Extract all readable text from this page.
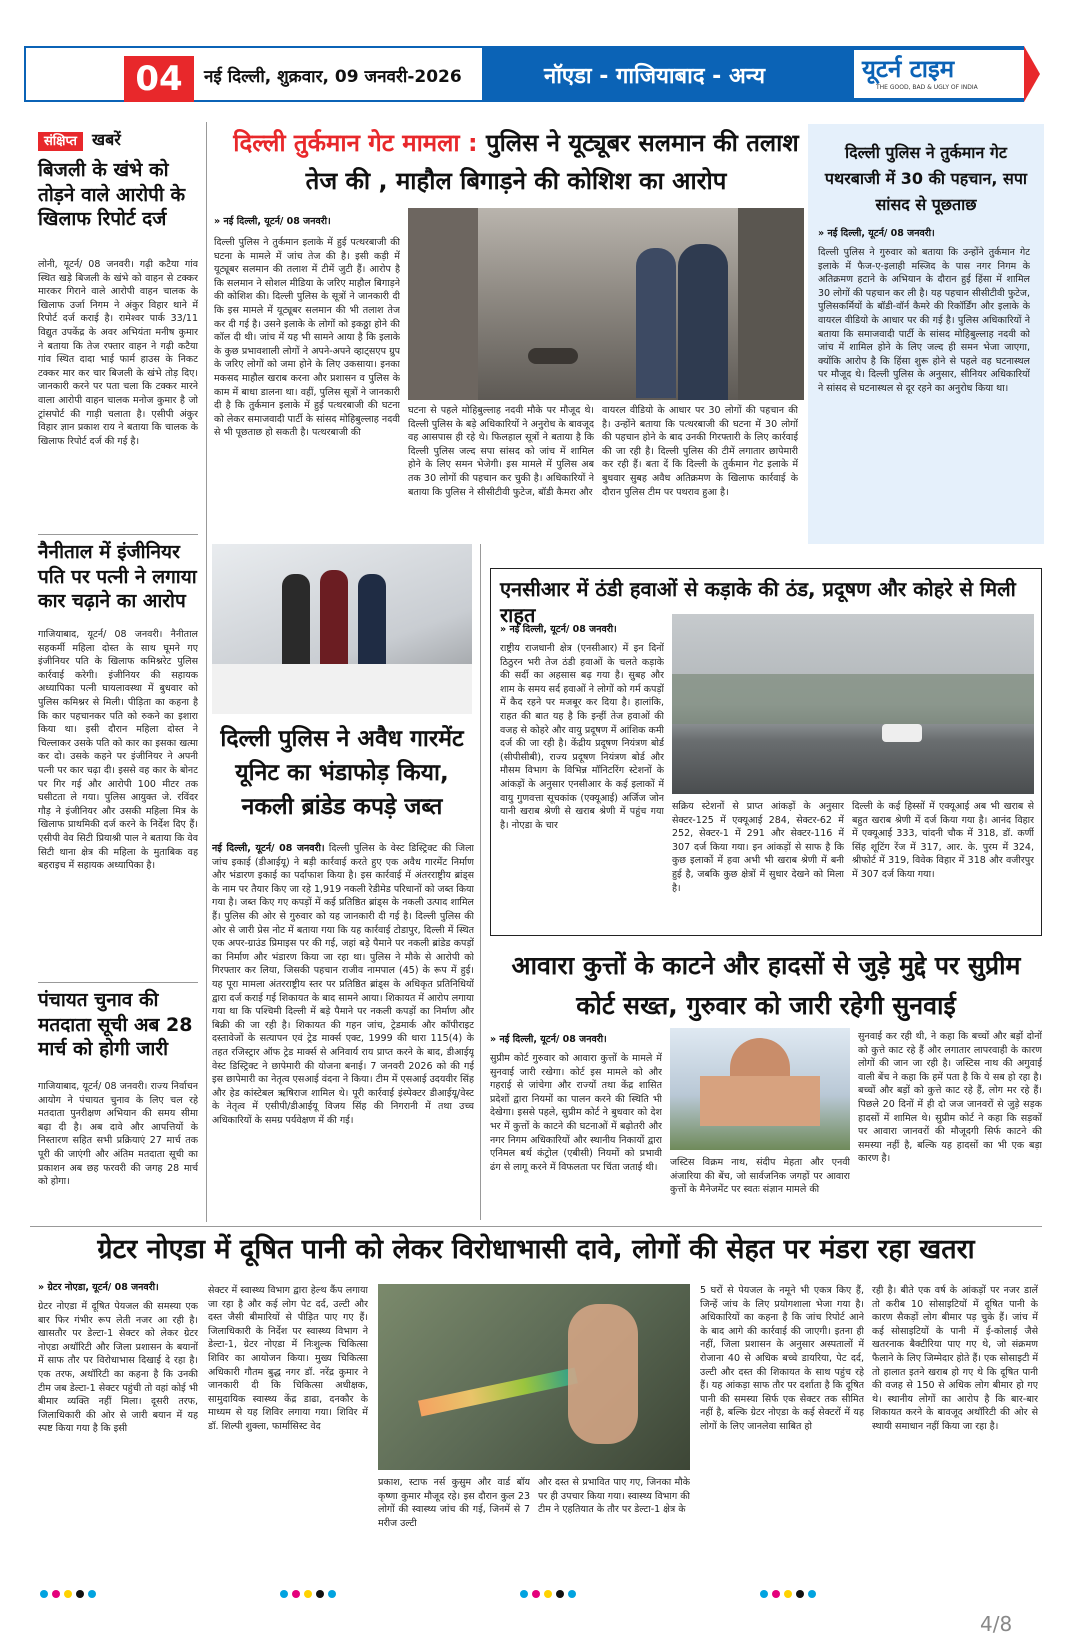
04	नई दिल्ली, शुक्रवार, 09 जनवरी-2026	नॉएडा - गाजियाबाद - अन्य	यूटर्न टाइम
THE GOOD, BAD & UGLY OF INDIA
संक्षिप्त खबरें
बिजली के खंभे को तोड़ने वाले आरोपी के खिलाफ रिपोर्ट दर्ज
लोनी, यूटर्न/ 08 जनवरी। गढ़ी कटैया गांव स्थित खड़े बिजली के खंभे को वाहन से टक्कर मारकर गिराने वाले आरोपी वाहन चालक के खिलाफ उर्जा निगम ने अंकुर विहार थाने में रिपोर्ट दर्ज कराई है। रामेश्वर पार्क 33/11 विद्युत उपकेंद्र के अवर अभियंता मनीष कुमार ने बताया कि तेज रफ्तार वाहन ने गढ़ी कटैया गांव स्थित दादा भाई फार्म हाउस के निकट टक्कर मार कर चार बिजली के खंभे तोड़ दिए। जानकारी करने पर पता चला कि टक्कर मारने वाला आरोपी वाहन चालक मनोज कुमार है जो ट्रांसपोर्ट की गाड़ी चलाता है। एसीपी अंकुर विहार ज्ञान प्रकाश राय ने बताया कि चालक के खिलाफ रिपोर्ट दर्ज की गई है।
नैनीताल में इंजीनियर पति पर पत्नी ने लगाया कार चढ़ाने का आरोप
गाजियाबाद, यूटर्न/ 08 जनवरी। नैनीताल सहकर्मी महिला दोस्त के साथ घूमने गए इंजीनियर पति के खिलाफ कमिश्नरेट पुलिस कार्रवाई करेगी। इंजीनियर की सहायक अध्यापिका पत्नी घायलावस्था में बुधवार को पुलिस कमिश्नर से मिली। पीड़िता का कहना है कि कार पहचानकर पति को रुकने का इशारा किया था। इसी दौरान महिला दोस्त ने चिल्लाकर उसके पति को कार का इसका खत्मा कर दो। उसके कहने पर इंजीनियर ने अपनी पत्नी पर कार चढ़ा दी। इससे वह कार के बोनट पर गिर गई और आरोपी 100 मीटर तक घसीटता ले गया। पुलिस आयुक्त जे. रविंदर गौड़ ने इंजीनियर और उसकी महिला मित्र के खिलाफ प्राथमिकी दर्ज करने के निर्देश दिए हैं। एसीपी वेव सिटी प्रियाश्री पाल ने बताया कि वेव सिटी थाना क्षेत्र की महिला के मुताबिक वह बहराइच में सहायक अध्यापिका है।
पंचायत चुनाव की मतदाता सूची अब 28 मार्च को होगी जारी
गाजियाबाद, यूटर्न/ 08 जनवरी। राज्य निर्वाचन आयोग ने पंचायत चुनाव के लिए चल रहे मतदाता पुनरीक्षण अभियान की समय सीमा बढ़ा दी है। अब दावे और आपत्तियों के निस्तारण सहित सभी प्रक्रियाएं 27 मार्च तक पूरी की जाएंगी और अंतिम मतदाता सूची का प्रकाशन अब छह फरवरी की जगह 28 मार्च को होगा।
दिल्ली तुर्कमान गेट मामला : पुलिस ने यूट्यूबर सलमान की तलाश तेज की , माहौल बिगाड़ने की कोशिश का आरोप
» नई दिल्ली, यूटर्न/ 08 जनवरी।
दिल्ली पुलिस ने तुर्कमान इलाके में हुई पत्थरबाजी की घटना के मामले में जांच तेज की है। इसी कड़ी में यूट्यूबर सलमान की तलाश में टीमें जुटी हैं। आरोप है कि सलमान ने सोशल मीडिया के जरिए माहौल बिगाड़ने की कोशिश की। दिल्ली पुलिस के सूत्रों ने जानकारी दी कि इस मामले में यूट्यूबर सलमान की भी तलाश तेज कर दी गई है। उसने इलाके के लोगों को इकठ्ठा होने की कॉल दी थी। जांच में यह भी सामने आया है कि इलाके के कुछ प्रभावशाली लोगों ने अपने-अपने व्हाट्सएप ग्रुप के जरिए लोगों को जमा होने के लिए उकसाया। इनका मकसद माहौल खराब करना और प्रशासन व पुलिस के काम में बाधा डालना था। वहीं, पुलिस सूत्रों ने जानकारी दी है कि तुर्कमान इलाके में हुई पत्थरबाजी की घटना को लेकर समाजवादी पार्टी के सांसद मोहिबुल्लाह नदवी से भी पूछताछ हो सकती है। पत्थरबाजी की
घटना से पहले मोहिबुल्लाह नदवी मौके पर मौजूद थे। दिल्ली पुलिस के बड़े अधिकारियों ने अनुरोध के बावजूद वह आसपास ही रहे थे। फिलहाल सूत्रों ने बताया है कि दिल्ली पुलिस जल्द सपा सांसद को जांच में शामिल होने के लिए समन भेजेगी। इस मामले में पुलिस अब तक 30 लोगों की पहचान कर चुकी है। अधिकारियों ने बताया कि पुलिस ने सीसीटीवी फुटेज, बॉडी कैमरा और
वायरल वीडियो के आधार पर 30 लोगों की पहचान की है। उन्होंने बताया कि पत्थरबाजी की घटना में 30 लोगों की पहचान होने के बाद उनकी गिरफ्तारी के लिए कार्रवाई की जा रही है। दिल्ली पुलिस की टीमें लगातार छापेमारी कर रही हैं। बता दें कि दिल्ली के तुर्कमान गेट इलाके में बुधवार सुबह अवैध अतिक्रमण के खिलाफ कार्रवाई के दौरान पुलिस टीम पर पथराव हुआ है।
दिल्ली पुलिस ने तुर्कमान गेट पथरबाजी में 30 की पहचान, सपा सांसद से पूछताछ
» नई दिल्ली, यूटर्न/ 08 जनवरी।
दिल्ली पुलिस ने गुरुवार को बताया कि उन्होंने तुर्कमान गेट इलाके में फैज-ए-इलाही मस्जिद के पास नगर निगम के अतिक्रमण हटाने के अभियान के दौरान हुई हिंसा में शामिल 30 लोगों की पहचान कर ली है। यह पहचान सीसीटीवी फुटेज, पुलिसकर्मियों के बॉडी-वॉर्न कैमरे की रिकॉर्डिंग और इलाके के वायरल वीडियो के आधार पर की गई है। पुलिस अधिकारियों ने बताया कि समाजवादी पार्टी के सांसद मोहिबुल्लाह नदवी को जांच में शामिल होने के लिए जल्द ही समन भेजा जाएगा, क्योंकि आरोप है कि हिंसा शुरू होने से पहले वह घटनास्थल पर मौजूद थे। दिल्ली पुलिस के अनुसार, सीनियर अधिकारियों ने सांसद से घटनास्थल से दूर रहने का अनुरोध किया था।
दिल्ली पुलिस ने अवैध गारमेंट यूनिट का भंडाफोड़ किया, नकली ब्रांडेड कपड़े जब्त
नई दिल्ली, यूटर्न/ 08 जनवरी। दिल्ली पुलिस के वेस्ट डिस्ट्रिक्ट की जिला जांच इकाई (डीआईयू) ने बड़ी कार्रवाई करते हुए एक अवैध गारमेंट निर्माण और भंडारण इकाई का पर्दाफाश किया है। इस कार्रवाई में अंतरराष्ट्रीय ब्रांड्स के नाम पर तैयार किए जा रहे 1,919 नकली रेडीमेड परिधानों को जब्त किया गया है। जब्त किए गए कपड़ों में कई प्रतिष्ठित ब्रांड्स के नकली उत्पाद शामिल हैं। पुलिस की ओर से गुरुवार को यह जानकारी दी गई है। दिल्ली पुलिस की ओर से जारी प्रेस नोट में बताया गया कि यह कार्रवाई टोडापुर, दिल्ली में स्थित एक अपर-ग्राउंड प्रिमाइस पर की गई, जहां बड़े पैमाने पर नकली ब्रांडेड कपड़ों का निर्माण और भंडारण किया जा रहा था। पुलिस ने मौके से आरोपी को गिरफ्तार कर लिया, जिसकी पहचान राजीव नामपाल (45) के रूप में हुई। यह पूरा मामला अंतरराष्ट्रीय स्तर पर प्रतिष्ठित ब्रांड्स के अधिकृत प्रतिनिधियों द्वारा दर्ज कराई गई शिकायत के बाद सामने आया। शिकायत में आरोप लगाया गया था कि पश्चिमी दिल्ली में बड़े पैमाने पर नकली कपड़ों का निर्माण और बिक्री की जा रही है। शिकायत की गहन जांच, ट्रेडमार्क और कॉपीराइट दस्तावेजों के सत्यापन एवं ट्रेड मार्क्स एक्ट, 1999 की धारा 115(4) के तहत रजिस्ट्रार ऑफ ट्रेड मार्क्स से अनिवार्य राय प्राप्त करने के बाद, डीआईयू वेस्ट डिस्ट्रिक्ट ने छापेमारी की योजना बनाई। 7 जनवरी 2026 को की गई इस छापेमारी का नेतृत्व एसआई वंदना ने किया। टीम में एसआई उदयवीर सिंह और हेड कांस्टेबल ऋषिराज शामिल थे। पूरी कार्रवाई इंस्पेक्टर डीआईयू/वेस्ट के नेतृत्व में एसीपी/डीआईयू विजय सिंह की निगरानी में तथा उच्च अधिकारियों के समग्र पर्यवेक्षण में की गई।
एनसीआर में ठंडी हवाओं से कड़ाके की ठंड, प्रदूषण और कोहरे से मिली राहत
» नई दिल्ली, यूटर्न/ 08 जनवरी।
राष्ट्रीय राजधानी क्षेत्र (एनसीआर) में इन दिनों ठिठुरन भरी तेज ठंडी हवाओं के चलते कड़ाके की सर्दी का अहसास बढ़ गया है। सुबह और शाम के समय सर्द हवाओं ने लोगों को गर्म कपड़ों में कैद रहने पर मजबूर कर दिया है। हालांकि, राहत की बात यह है कि इन्हीं तेज हवाओं की वजह से कोहरे और वायु प्रदूषण में आंशिक कमी दर्ज की जा रही है। केंद्रीय प्रदूषण नियंत्रण बोर्ड (सीपीसीबी), राज्य प्रदूषण नियंत्रण बोर्ड और मौसम विभाग के विभिन्न मॉनिटरिंग स्टेशनों के आंकड़ों के अनुसार एनसीआर के कई इलाकों में वायु गुणवत्ता सूचकांक (एक्यूआई) अर्जिज जोन यानी खराब श्रेणी से खराब श्रेणी में पहुंच गया है। नोएडा के चार
सक्रिय स्टेशनों से प्राप्त आंकड़ों के अनुसार सेक्टर-125 में एक्यूआई 284, सेक्टर-62 में 252, सेक्टर-1 में 291 और सेक्टर-116 में 307 दर्ज किया गया। इन आंकड़ों से साफ है कि कुछ इलाकों में हवा अभी भी खराब श्रेणी में बनी हुई है, जबकि कुछ क्षेत्रों में सुधार देखने को मिला है।
दिल्ली के कई हिस्सों में एक्यूआई अब भी खराब से बहुत खराब श्रेणी में दर्ज किया गया है। आनंद विहार में एक्यूआई 333, चांदनी चौक में 318, डॉ. कर्णी सिंह शूटिंग रेंज में 317, आर. के. पुरम में 324, श्रीफोर्ट में 319, विवेक विहार में 318 और वजीरपुर में 307 दर्ज किया गया।
आवारा कुत्तों के काटने और हादसों से जुड़े मुद्दे पर सुप्रीम कोर्ट सख्त, गुरुवार को जारी रहेगी सुनवाई
» नई दिल्ली, यूटर्न/ 08 जनवरी।
सुप्रीम कोर्ट गुरुवार को आवारा कुत्तों के मामले में सुनवाई जारी रखेगा। कोर्ट इस मामले को और गहराई से जांचेगा और राज्यों तथा केंद्र शासित प्रदेशों द्वारा नियमों का पालन करने की स्थिति भी देखेगा। इससे पहले, सुप्रीम कोर्ट ने बुधवार को देश भर में कुत्तों के काटने की घटनाओं में बढ़ोतरी और नगर निगम अधिकारियों और स्थानीय निकायों द्वारा एनिमल बर्थ कंट्रोल (एबीसी) नियमों को प्रभावी ढंग से लागू करने में विफलता पर चिंता जताई थी।	जस्टिस विक्रम नाथ, संदीप मेहता और एनवी अंजारिया की बेंच, जो सार्वजनिक जगहों पर आवारा कुत्तों के मैनेजमेंट पर स्वतः संज्ञान मामले की
सुनवाई कर रही थी, ने कहा कि बच्चों और बड़ों दोनों को कुत्ते काट रहे हैं और लगातार लापरवाही के कारण लोगों की जान जा रही है। जस्टिस नाथ की अगुवाई वाली बेंच ने कहा कि हमें पता है कि ये सब हो रहा है। बच्चों और बड़ों को कुत्ते काट रहे हैं, लोग मर रहे हैं। पिछले 20 दिनों में ही दो जज जानवरों से जुड़े सड़क हादसों में शामिल थे। सुप्रीम कोर्ट ने कहा कि सड़कों पर आवारा जानवरों की मौजूदगी सिर्फ काटने की समस्या नहीं है, बल्कि यह हादसों का भी एक बड़ा कारण है।
ग्रेटर नोएडा में दूषित पानी को लेकर विरोधाभासी दावे, लोगों की सेहत पर मंडरा रहा खतरा
» ग्रेटर नोएडा, यूटर्न/ 08 जनवरी।
ग्रेटर नोएडा में दूषित पेयजल की समस्या एक बार फिर गंभीर रूप लेती नजर आ रही है। खासतौर पर डेल्टा-1 सेक्टर को लेकर ग्रेटर नोएडा अथॉरिटी और जिला प्रशासन के बयानों में साफ तौर पर विरोधाभास दिखाई दे रहा है। एक तरफ, अथॉरिटी का कहना है कि उनकी टीम जब डेल्टा-1 सेक्टर पहुंची तो वहां कोई भी बीमार व्यक्ति नहीं मिला। दूसरी तरफ, जिलाधिकारी की ओर से जारी बयान में यह स्पष्ट किया गया है कि इसी
सेक्टर में स्वास्थ्य विभाग द्वारा हेल्थ कैंप लगाया जा रहा है और कई लोग पेट दर्द, उल्टी और दस्त जैसी बीमारियों से पीड़ित पाए गए हैं। जिलाधिकारी के निर्देश पर स्वास्थ्य विभाग ने डेल्टा-1, ग्रेटर नोएडा में निःशुल्क चिकित्सा शिविर का आयोजन किया। मुख्य चिकित्सा अधिकारी गौतम बुद्ध नगर डॉ. नरेंद्र कुमार ने जानकारी दी कि चिकित्सा अधीक्षक, सामुदायिक स्वास्थ्य केंद्र डाढा, दनकौर के माध्यम से यह शिविर लगाया गया। शिविर में डॉ. शिल्पी शुक्ला, फार्मासिस्ट वेद
प्रकाश, स्टाफ नर्स कुसुम और वार्ड बॉय कृष्णा कुमार मौजूद रहे। इस दौरान कुल 23 लोगों की स्वास्थ्य जांच की गई, जिनमें से 7 मरीज उल्टी
और दस्त से प्रभावित पाए गए, जिनका मौके पर ही उपचार किया गया। स्वास्थ्य विभाग की टीम ने एहतियात के तौर पर डेल्टा-1 क्षेत्र के
5 घरों से पेयजल के नमूने भी एकत्र किए हैं, जिन्हें जांच के लिए प्रयोगशाला भेजा गया है। अधिकारियों का कहना है कि जांच रिपोर्ट आने के बाद आगे की कार्रवाई की जाएगी। इतना ही नहीं, जिला प्रशासन के अनुसार अस्पतालों में रोजाना 40 से अधिक बच्चे डायरिया, पेट दर्द, उल्टी और दस्त की शिकायत के साथ पहुंच रहे हैं। यह आंकड़ा साफ तौर पर दर्शाता है कि दूषित पानी की समस्या सिर्फ एक सेक्टर तक सीमित नहीं है, बल्कि ग्रेटर नोएडा के कई सेक्टरों में यह लोगों के लिए जानलेवा साबित हो
रही है। बीते एक वर्ष के आंकड़ों पर नजर डालें तो करीब 10 सोसाइटियों में दूषित पानी के कारण सैकड़ों लोग बीमार पड़ चुके हैं। जांच में कई सोसाइटियों के पानी में ई-कोलाई जैसे खतरनाक बैक्टीरिया पाए गए थे, जो संक्रमण फैलाने के लिए जिम्मेदार होते हैं। एक सोसाइटी में तो हालात इतने खराब हो गए थे कि दूषित पानी की वजह से 150 से अधिक लोग बीमार हो गए थे। स्थानीय लोगों का आरोप है कि बार-बार शिकायत करने के बावजूद अथॉरिटी की ओर से स्थायी समाधान नहीं किया जा रहा है।
4/8
